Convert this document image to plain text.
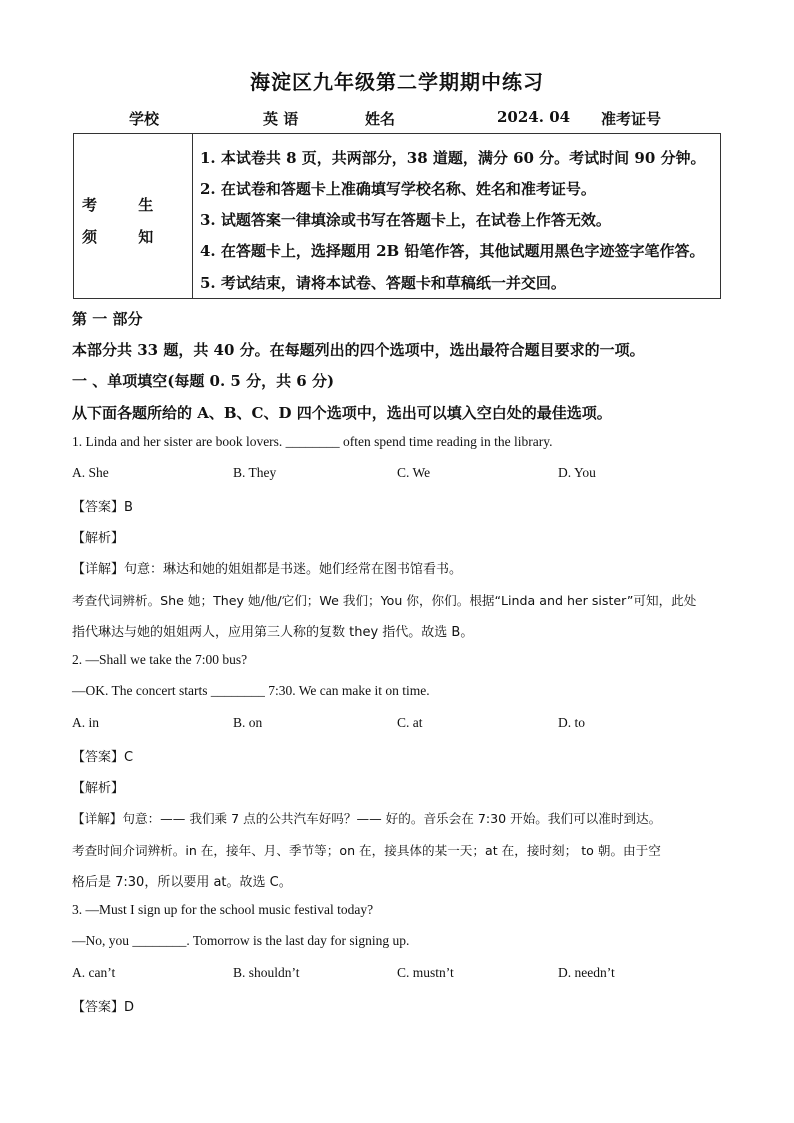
海淀区九年级第二学期期中练习
学校	英 语	姓名	2024. 04 准考证号
考 生 须 知
1. 本试卷共 8 页，共两部分，38 道题，满分 60 分。考试时间 90 分钟。
2. 在试卷和答题卡上准确填写学校名称、姓名和准考证号。
3. 试题答案一律填涂或书写在答题卡上，在试卷上作答无效。
4. 在答题卡上，选择题用 2B 铅笔作答，其他试题用黑色字迹签字笔作答。
5. 考试结束，请将本试卷、答题卡和草稿纸一并交回。
第 一 部分
本部分共 33 题，共 40 分。在每题列出的四个选项中，选出最符合题目要求的一项。
一 、单项填空(每题 0. 5 分，共 6 分)
从下面各题所给的 A、B、C、D 四个选项中，选出可以填入空白处的最佳选项。
1. Linda and her sister are book lovers. ________ often spend time reading in the library.
A. She	B. They	C. We	D. You
【答案】B
【解析】
【详解】句意：琳达和她的姐姐都是书迷。她们经常在图书馆看书。
考查代词辨析。She 她；They 她/他/它们；We 我们；You 你，你们。根据“Linda and her sister”可知，此处
指代琳达与她的姐姐两人，应用第三人称的复数 they 指代。故选 B。
2. —Shall we take the 7:00 bus?
—OK. The concert starts ________ 7:30. We can make it on time.
A. in	B. on	C. at	D. to
【答案】C
【解析】
【详解】句意：—— 我们乘 7 点的公共汽车好吗？—— 好的。音乐会在 7:30 开始。我们可以准时到达。
考查时间介词辨析。in 在，接年、月、季节等；on 在，接具体的某一天；at 在，接时刻； to 朝。由于空
格后是 7:30，所以要用 at。故选 C。
3. —Must I sign up for the school music festival today?
—No, you ________. Tomorrow is the last day for signing up.
A. can’t	B. shouldn’t	C. mustn’t	D. needn’t
【答案】D
